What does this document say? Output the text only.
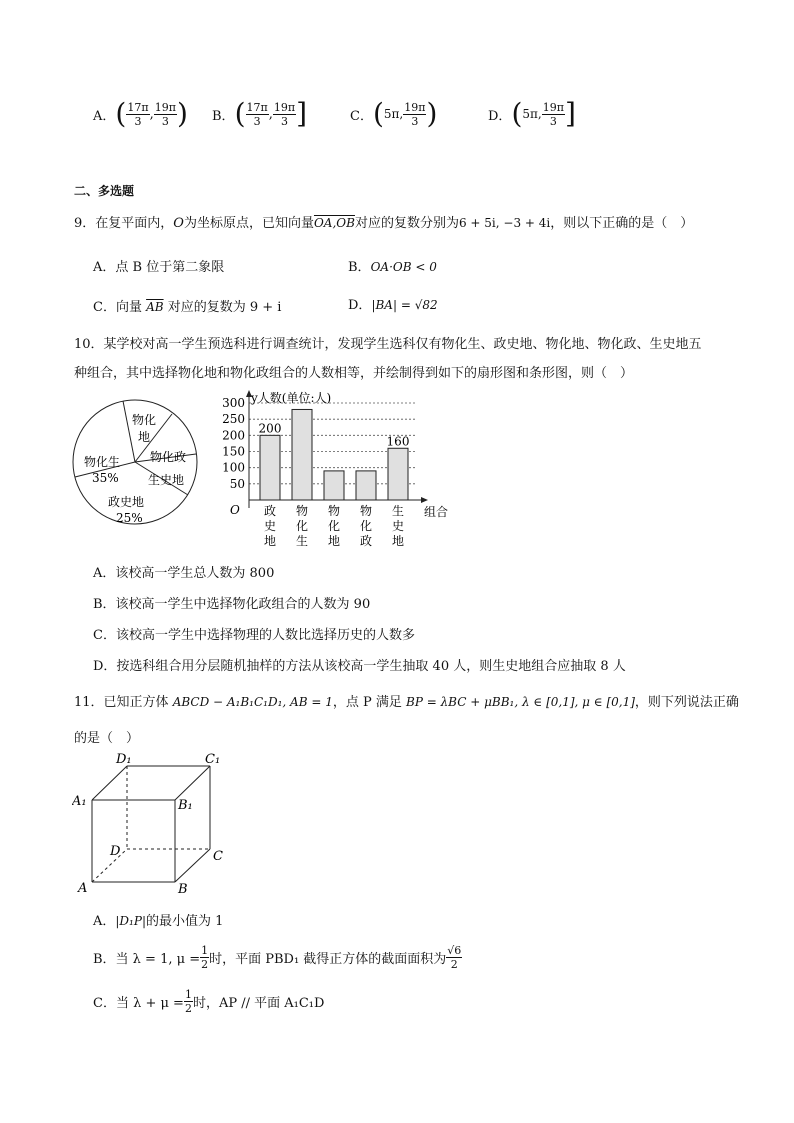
A． ( $\frac{17\pi}{3}$ , $\frac{19\pi}{3}$ ) B． ( $\frac{17\pi}{3}$ , $\frac{19\pi}{3}$ ]	C． ( 5π, $\frac{19\pi}{3}$ )	D． ( 5π, $\frac{19\pi}{3}$ ]
二、多选题
9．在复平面内，O为坐标原点，已知向量OA,OB对应的复数分别为6 + 5i, −3 + 4i，则以下正确的是（　）
A．点 B 位于第二象限	B．OA·OB < 0
C．向量 $\overline{AB}$ 对应的复数为 9 + i	D．|BA| = √82
10．某学校对高一学生预选科进行调查统计，发现学生选科仅有物化生、政史地、物化地、物化政、生史地五
种组合，其中选择物化地和物化政组合的人数相等，并绘制得到如下的扇形图和条形图，则（　）
物化
地
物化政
生史地
政史地
25%
物化生
35%
y人数(单位:人)
组合
O
50
100
150
200
250
300
政
史
地
物
化
生
物
化
地
物
化
政
生
史
地
200
160
A．该校高一学生总人数为 800
B．该校高一学生中选择物化政组合的人数为 90
C．该校高一学生中选择物理的人数比选择历史的人数多
D．按选科组合用分层随机抽样的方法从该校高一学生抽取 40 人，则生史地组合应抽取 8 人
11．已知正方体 ABCD − A₁B₁C₁D₁, AB = 1，点 P 满足 BP = λBC + μBB₁, λ ∈ [0,1], μ ∈ [0,1]，则下列说法正确
的是（　）
D₁	C₁
A₁	B₁
D	C
A	B
A．|D₁P|的最小值为 1
B．当 λ = 1, $\mu = \frac{1}{2}$ 时，平面 PBD₁ 截得正方体的截面面积为 $\frac{√6}{2}$
C．当 $\lambda + \mu = \frac{1}{2}$ 时，AP // 平面 A₁C₁D
